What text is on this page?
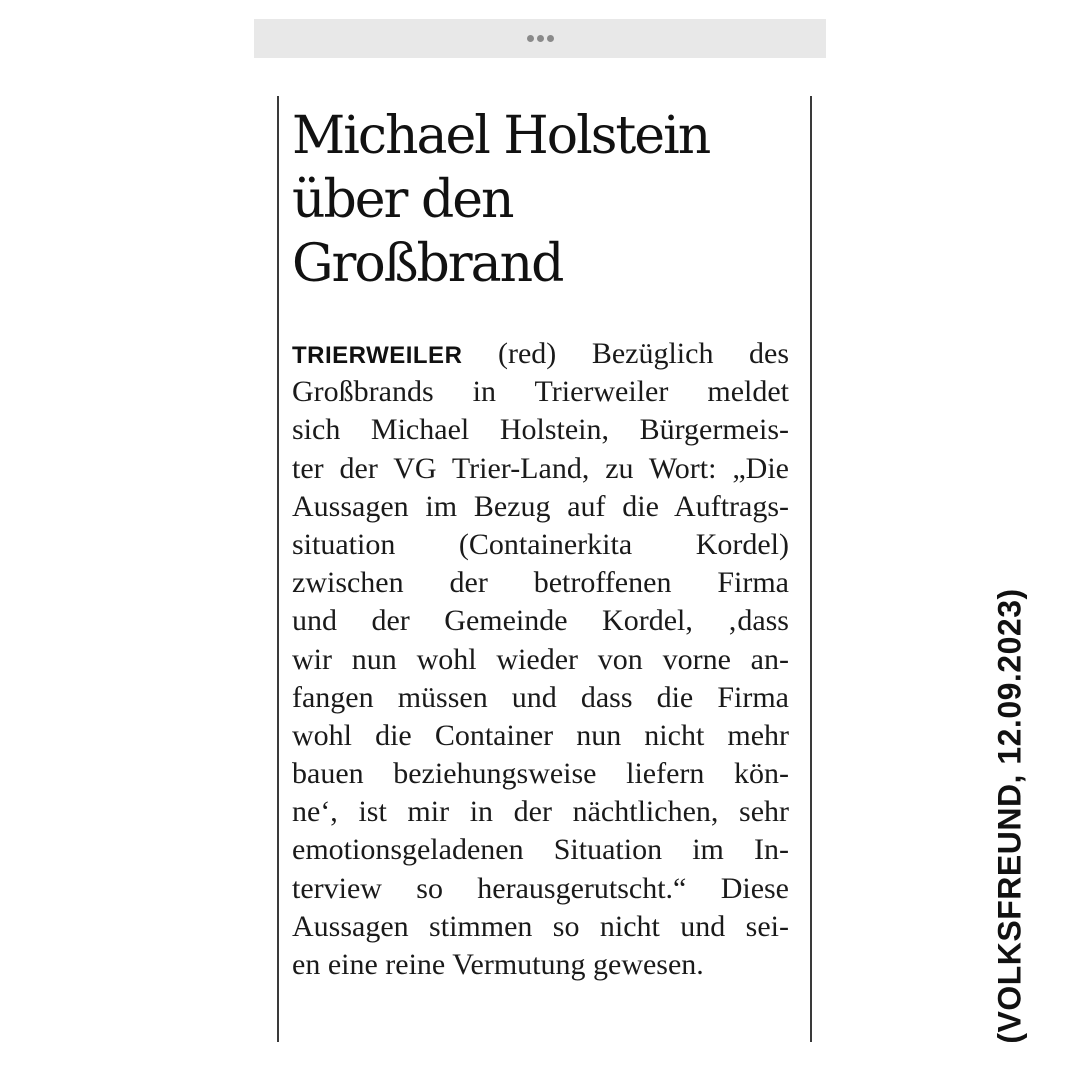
Michael Holstein
über den
Großbrand
TRIERWEILER (red) Bezüglich des
Großbrands in Trierweiler meldet
sich Michael Holstein, Bürgermeis-
ter der VG Trier-Land, zu Wort: „Die
Aussagen im Bezug auf die Auftrags-
situation (Containerkita Kordel)
zwischen der betroffenen Firma
und der Gemeinde Kordel, ‚dass
wir nun wohl wieder von vorne an-
fangen müssen und dass die Firma
wohl die Container nun nicht mehr
bauen beziehungsweise liefern kön-
ne‘, ist mir in der nächtlichen, sehr
emotionsgeladenen Situation im In-
terview so herausgerutscht.“ Diese
Aussagen stimmen so nicht und sei-
en eine reine Vermutung gewesen.	(VOLKSFREUND, 12.09.2023)
